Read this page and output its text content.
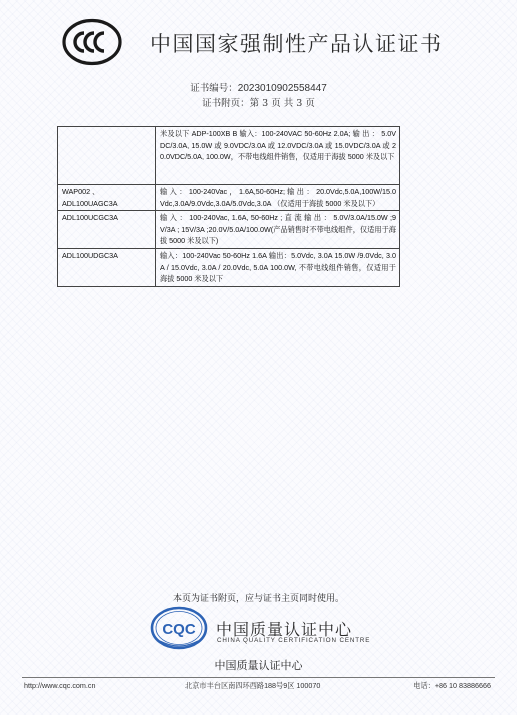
CCC
中国国家强制性产品认证证书
证书编号：2023010902558447
证书附页：第 3 页 共 3 页
	米及以下 ADP-100XB B 输入：100-240VAC 50-60Hz 2.0A; 输 出 ： 5.0VDC/3.0A, 15.0W 或 9.0VDC/3.0A 或 12.0VDC/3.0A 或 15.0VDC/3.0A 或 20.0VDC/5.0A, 100.0W，不带电线组件销售，仅适用于海拔 5000 米及以下
WAP002 、
ADL100UAGC3A	输 入 ： 100-240Vac ， 1.6A,50-60Hz; 输 出 ： 20.0Vdc,5.0A,100W/15.0Vdc,3.0A/9.0Vdc,3.0A/5.0Vdc,3.0A （仅适用于海拔 5000 米及以下）
ADL100UCGC3A	输 入 ： 100-240Vac, 1.6A, 50-60Hz ; 直 流 输 出 ： 5.0V/3.0A/15.0W ;9V/3A ; 15V/3A ;20.0V/5.0A/100.0W(产品销售时不带电线组件，仅适用于海拔 5000 米及以下)
ADL100UDGC3A	输入：100-240Vac 50-60Hz 1.6A 输出：5.0Vdc, 3.0A 15.0W /9.0Vdc, 3.0A / 15.0Vdc, 3.0A / 20.0Vdc, 5.0A 100.0W, 不带电线组件销售，仅适用于海拔 5000 米及以下
本页为证书附页，应与证书主页同时使用。
CQC 中国质量认证中心
CHINA QUALITY CERTIFICATION CENTRE
中国质量认证中心
http://www.cqc.com.cn	北京市丰台区南四环西路188号9区 100070	电话：+86 10 83886666
